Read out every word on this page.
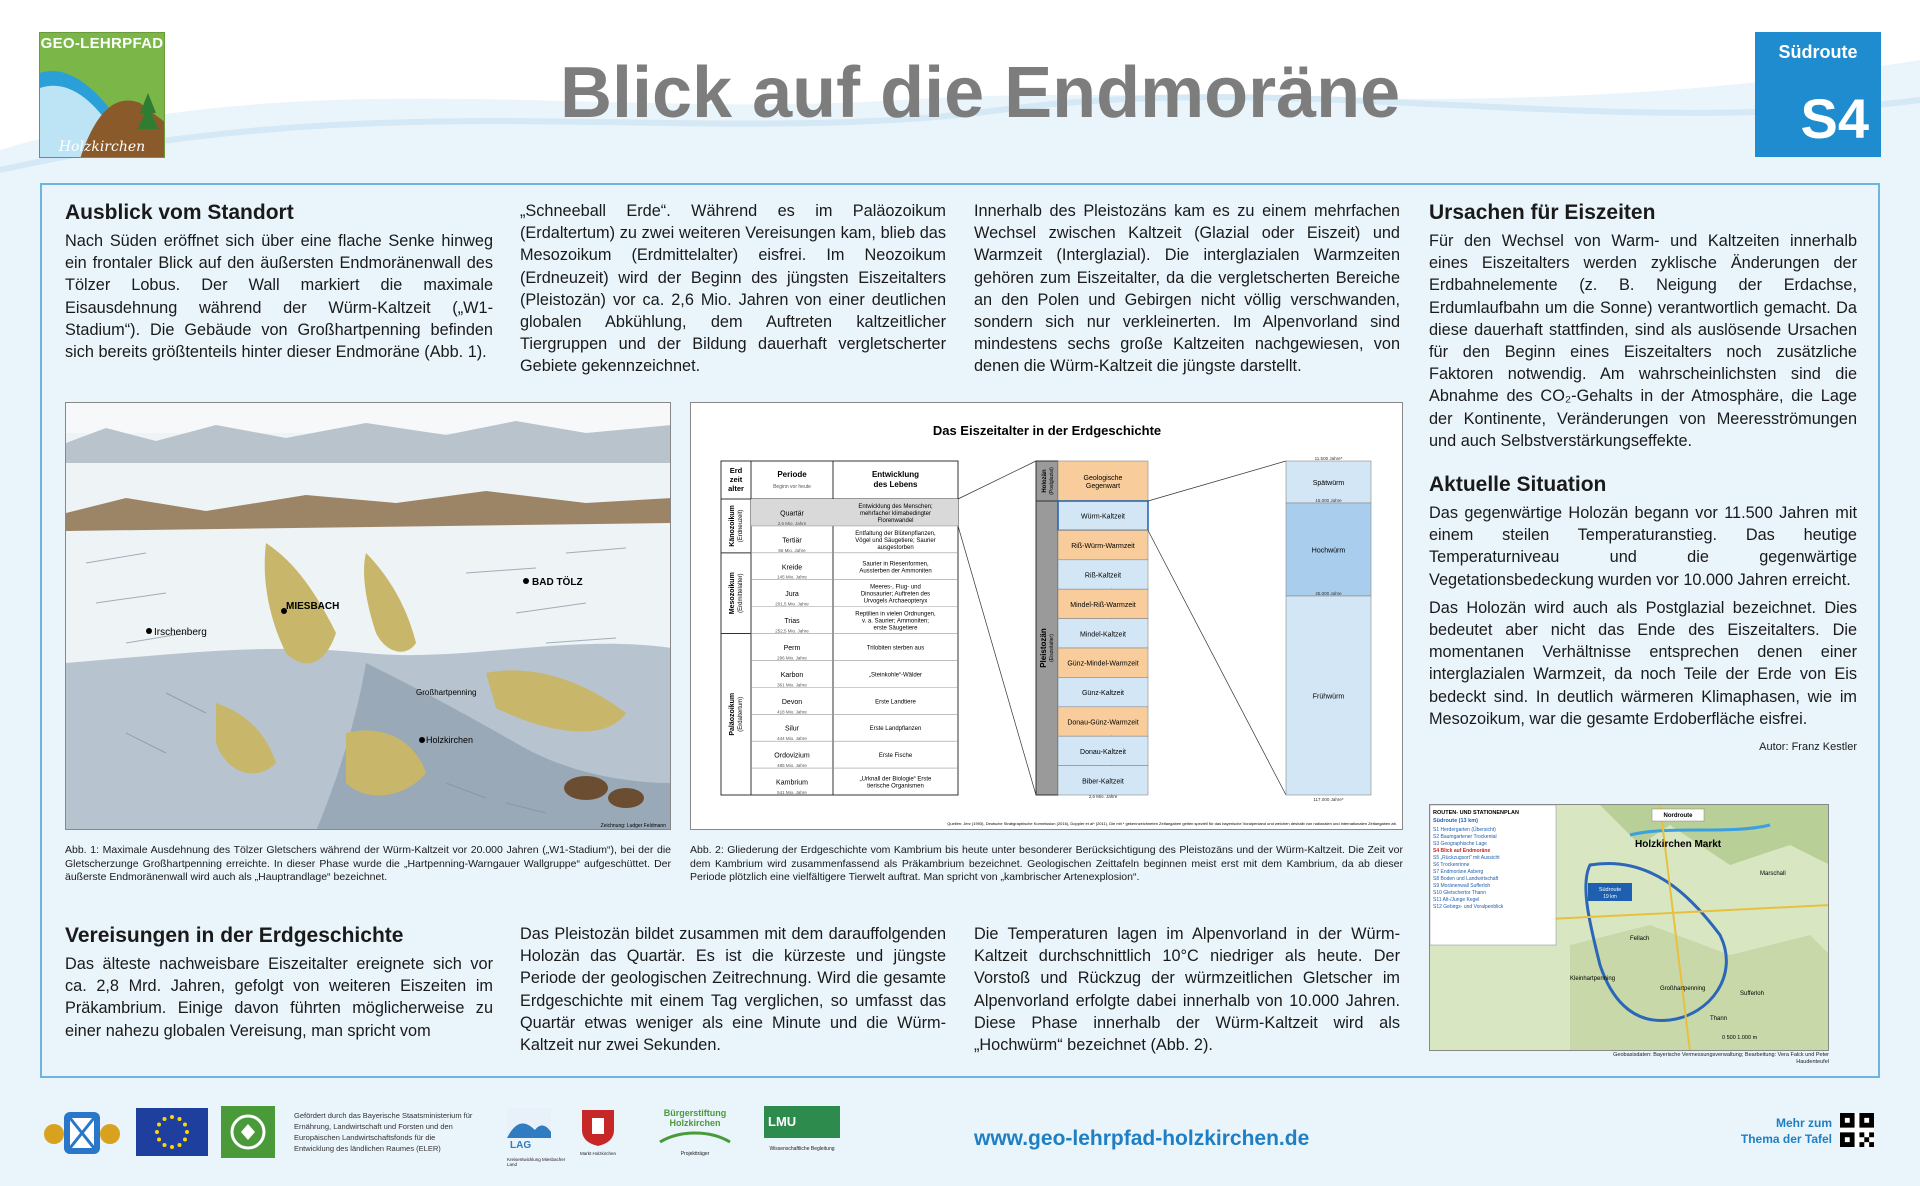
GEO-LEHRPFAD
Holzkirchen
Blick auf die Endmoräne
Südroute
S4
Ausblick vom Standort

Nach Süden eröffnet sich über eine flache Senke hinweg ein frontaler Blick auf den äußersten Endmoränenwall des Tölzer Lobus. Der Wall markiert die maximale Eisausdehnung während der Würm-Kaltzeit („W1-Stadium“). Die Gebäude von Großhartpenning befinden sich bereits größtenteils hinter dieser Endmoräne (Abb. 1).

„Schneeball Erde“. Während es im Paläozoikum (Erdaltertum) zu zwei weiteren Vereisungen kam, blieb das Mesozoikum (Erdmittelalter) eisfrei. Im Neozoikum (Erdneuzeit) wird der Beginn des jüngsten Eiszeitalters (Pleistozän) vor ca. 2,6 Mio. Jahren von einer deutlichen globalen Abkühlung, dem Auftreten kaltzeitlicher Tiergruppen und der Bildung dauerhaft vergletscherter Gebiete gekennzeichnet.

Innerhalb des Pleistozäns kam es zu einem mehrfachen Wechsel zwischen Kaltzeit (Glazial oder Eiszeit) und Warmzeit (Interglazial). Die interglazialen Warmzeiten gehören zum Eiszeitalter, da die vergletscherten Bereiche an den Polen und Gebirgen nicht völlig verschwanden, sondern sich nur verkleinerten. Im Alpenvorland sind mindestens sechs große Kaltzeiten nachgewiesen, von denen die Würm-Kaltzeit die jüngste darstellt.

Ursachen für Eiszeiten

Für den Wechsel von Warm- und Kaltzeiten innerhalb eines Eiszeitalters werden zyklische Änderungen der Erdbahnelemente (z. B. Neigung der Erdachse, Erdumlaufbahn um die Sonne) verantwortlich gemacht. Da diese dauerhaft stattfinden, sind als auslösende Ursachen für den Beginn eines Eiszeitalters noch zusätzliche Faktoren notwendig. Am wahrscheinlichsten sind die Abnahme des CO₂-Gehalts in der Atmosphäre, die Lage der Kontinente, Veränderungen von Meeresströmungen und auch Selbstverstärkungseffekte.

Aktuelle Situation

Das gegenwärtige Holozän begann vor 11.500 Jahren mit einem steilen Temperaturanstieg. Das heutige Temperaturniveau und die gegenwärtige Vegetationsbedeckung wurden vor 10.000 Jahren erreicht.

Das Holozän wird auch als Postglazial bezeichnet. Dies bedeutet aber nicht das Ende des Eiszeitalters. Die momentanen Verhältnisse entsprechen denen einer interglazialen Warmzeit, da noch Teile der Erde von Eis bedeckt sind. In deutlich wärmeren Klimaphasen, wie im Mesozoikum, war die gesamte Erdoberfläche eisfrei.

Autor: Franz Kestler
BAD TÖLZ
MIESBACH
Irschenberg
Großhartpenning
Holzkirchen
Zeichnung: Ludger Feldmann
Abb. 1: Maximale Ausdehnung des Tölzer Gletschers während der Würm-Kaltzeit vor 20.000 Jahren („W1-Stadium“), bei der die Gletscherzunge Großhartpenning erreichte. In dieser Phase wurde die „Hartpenning-Warngauer Wallgruppe“ aufgeschüttet. Der äußerste Endmoränenwall wird auch als „Hauptrandlage“ bezeichnet.
Das Eiszeitalter in der Erdgeschichte
Erd zeit alter
Periode
Beginn vor heute
Entwicklung des Lebens
Quartär
2,6 Mio. Jahre
Entwicklung des Menschen; mehrfacher klimabedingter Florenwandel
Tertiär
66 Mio. Jahre
Entfaltung der Blütenpflanzen, Vögel und Säugetiere; Saurier ausgestorben
Kreide
145 Mio. Jahre
Saurier in Riesenformen, Aussterben der Ammoniten
Jura
201,5 Mio. Jahre
Meeres-, Flug- und Dinosaurier; Auftreten des Urvogels Archaeopteryx
Trias
252,5 Mio. Jahre
Reptilien in vielen Ordnungen, v. a. Saurier; Ammoniten; erste Säugetiere
Perm
296 Mio. Jahre
Trilobiten sterben aus
Karbon
361 Mio. Jahre
„Steinkohle“-Wälder
Devon
418 Mio. Jahre
Erste Landtiere
Silur
444 Mio. Jahre
Erste Landpflanzen
Ordovizium
485 Mio. Jahre
Erste Fische
Kambrium
541 Mio. Jahre
„Urknall der Biologie“ Erste tierische Organismen
Känozoikum (Erdneuzeit)
Mesozoikum (Erdmittelalter)
Paläozoikum (Erdaltertum)
Holozän(Postglazial)
Pleistozän(Eiszeitalter)
Geologische Gegenwart
Würm-Kaltzeit
Riß-Würm-Warmzeit
Riß-Kaltzeit
Mindel-Riß-Warmzeit
Mindel-Kaltzeit
Günz-Mindel-Warmzeit
Günz-Kaltzeit
Donau-Günz-Warmzeit
Donau-Kaltzeit
Biber-Kaltzeit
2,6 Mio. Jahre
Spätwürm
11.500 Jahre*
Hochwürm
15.000 Jahre
Frühwürm
25.000 Jahre
117.000 Jahre*
Quellen: Jerz (1993), Deutsche Stratigraphische Kommission (2016), Doppler et al* (2011). Die mit * gekennzeichneten Zeitangaben gelten speziell für das bayerische Voralpenland und weichen deshalb von nationalen und internationalen Zeitangaben ab.
Abb. 2: Gliederung der Erdgeschichte vom Kambrium bis heute unter besonderer Berücksichtigung des Pleistozäns und der Würm-Kaltzeit. Die Zeit vor dem Kambrium wird zusammenfassend als Präkambrium bezeichnet. Geologischen Zeittafeln beginnen meist erst mit dem Kambrium, da ab dieser Periode plötzlich eine vielfältigere Tierwelt auftrat. Man spricht von „kambrischer Artenexplosion“.
Vereisungen in der Erdgeschichte

Das älteste nachweisbare Eiszeitalter ereignete sich vor ca. 2,8 Mrd. Jahren, gefolgt von weiteren Eiszeiten im Präkambrium. Einige davon führten möglicherweise zu einer nahezu globalen Vereisung, man spricht vom

Das Pleistozän bildet zusammen mit dem darauffolgenden Holozän das Quartär. Es ist die kürzeste und jüngste Periode der geologischen Zeitrechnung. Wird die gesamte Erdgeschichte mit einem Tag verglichen, so umfasst das Quartär etwas weniger als eine Minute und die Würm-Kaltzeit nur zwei Sekunden.

Die Temperaturen lagen im Alpenvorland in der Würm-Kaltzeit durchschnittlich 10°C niedriger als heute. Der Vorstoß und Rückzug der würmzeitlichen Gletscher im Alpenvorland erfolgte dabei innerhalb von 10.000 Jahren. Diese Phase innerhalb der Würm-Kaltzeit wird als „Hochwürm“ bezeichnet (Abb. 2).

ROUTEN- UND STATIONENPLAN
Südroute (13 km)
S1 Herdergarten (Übersicht)
S2 Baumgartener Trockental
S3 Geographische Lage
S4 Blick auf Endmoräne
S5 „Rückzugsort“ mit Aussicht
S6 Trockenrinne
S7 Endmoräne Asberg
S8 Boden und Landwirtschaft
S9 Moränenwall Sufferloh
S10 Gletschertor Thann
S11 Alt-/Junge Kegel
S12 Gebirgs- und Voralpenblick
Nordroute
Holzkirchen Markt
Südroute
19 km
Marschall
Großhartpenning
Sufferloh
Fellach
Kleinhartpenning
Thann
0 500 1.000 m
Geobasisdaten: Bayerische Vermessungsverwaltung; Bearbeitung: Vera Falck und Peter Haudenteufel
Gefördert durch das Bayerische Staatsministerium für Ernährung, Landwirtschaft und Forsten und den Europäischen Landwirtschaftsfonds für die Entwicklung des ländlichen Raumes (ELER)	LAG
Kreisentwicklung Miesbacher Land
Markt Holzkirchen
Bürgerstiftung Holzkirchen
Projektträger
LMU
Wissenschaftliche Begleitung	www.geo-lehrpfad-holzkirchen.de
Mehr zum Thema der Tafel
